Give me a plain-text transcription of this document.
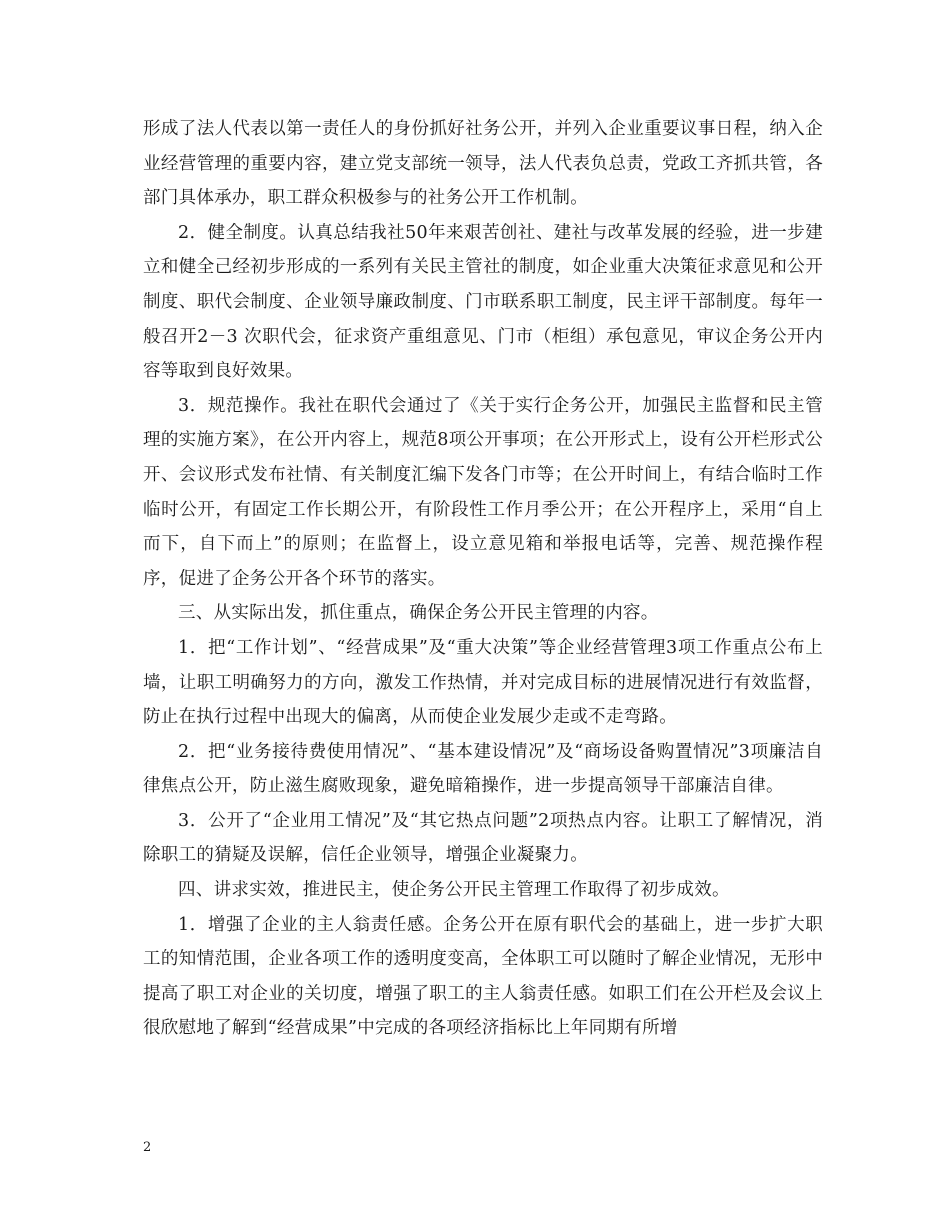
形成了法人代表以第一责任人的身份抓好社务公开，并列入企业重要议事日程，纳入企业经营管理的重要内容，建立党支部统一领导，法人代表负总责，党政工齐抓共管，各部门具体承办，职工群众积极参与的社务公开工作机制。

2．健全制度。认真总结我社50年来艰苦创社、建社与改革发展的经验，进一步建立和健全己经初步形成的一系列有关民主管社的制度，如企业重大决策征求意见和公开制度、职代会制度、企业领导廉政制度、门市联系职工制度，民主评干部制度。每年一般召开2－3 次职代会，征求资产重组意见、门市（柜组）承包意见，审议企务公开内容等取到良好效果。

3．规范操作。我社在职代会通过了《关于实行企务公开，加强民主监督和民主管理的实施方案》，在公开内容上，规范8项公开事项；在公开形式上，设有公开栏形式公开、会议形式发布社情、有关制度汇编下发各门市等；在公开时间上，有结合临时工作临时公开，有固定工作长期公开，有阶段性工作月季公开；在公开程序上，采用“自上而下，自下而上”的原则；在监督上，设立意见箱和举报电话等，完善、规范操作程序，促进了企务公开各个环节的落实。

三、从实际出发，抓住重点，确保企务公开民主管理的内容。

1．把“工作计划”、“经营成果”及“重大决策”等企业经营管理3项工作重点公布上墙，让职工明确努力的方向，激发工作热情，并对完成目标的进展情况进行有效监督，防止在执行过程中出现大的偏离，从而使企业发展少走或不走弯路。

2．把“业务接待费使用情况”、“基本建设情况”及“商场设备购置情况”3项廉洁自律焦点公开，防止滋生腐败现象，避免暗箱操作，进一步提高领导干部廉洁自律。

3．公开了“企业用工情况”及“其它热点问题”2项热点内容。让职工了解情况，消除职工的猜疑及误解，信任企业领导，增强企业凝聚力。

四、讲求实效，推进民主，使企务公开民主管理工作取得了初步成效。

1．增强了企业的主人翁责任感。企务公开在原有职代会的基础上，进一步扩大职工的知情范围，企业各项工作的透明度变高，全体职工可以随时了解企业情况，无形中提高了职工对企业的关切度，增强了职工的主人翁责任感。如职工们在公开栏及会议上很欣慰地了解到“经营成果”中完成的各项经济指标比上年同期有所增

2
